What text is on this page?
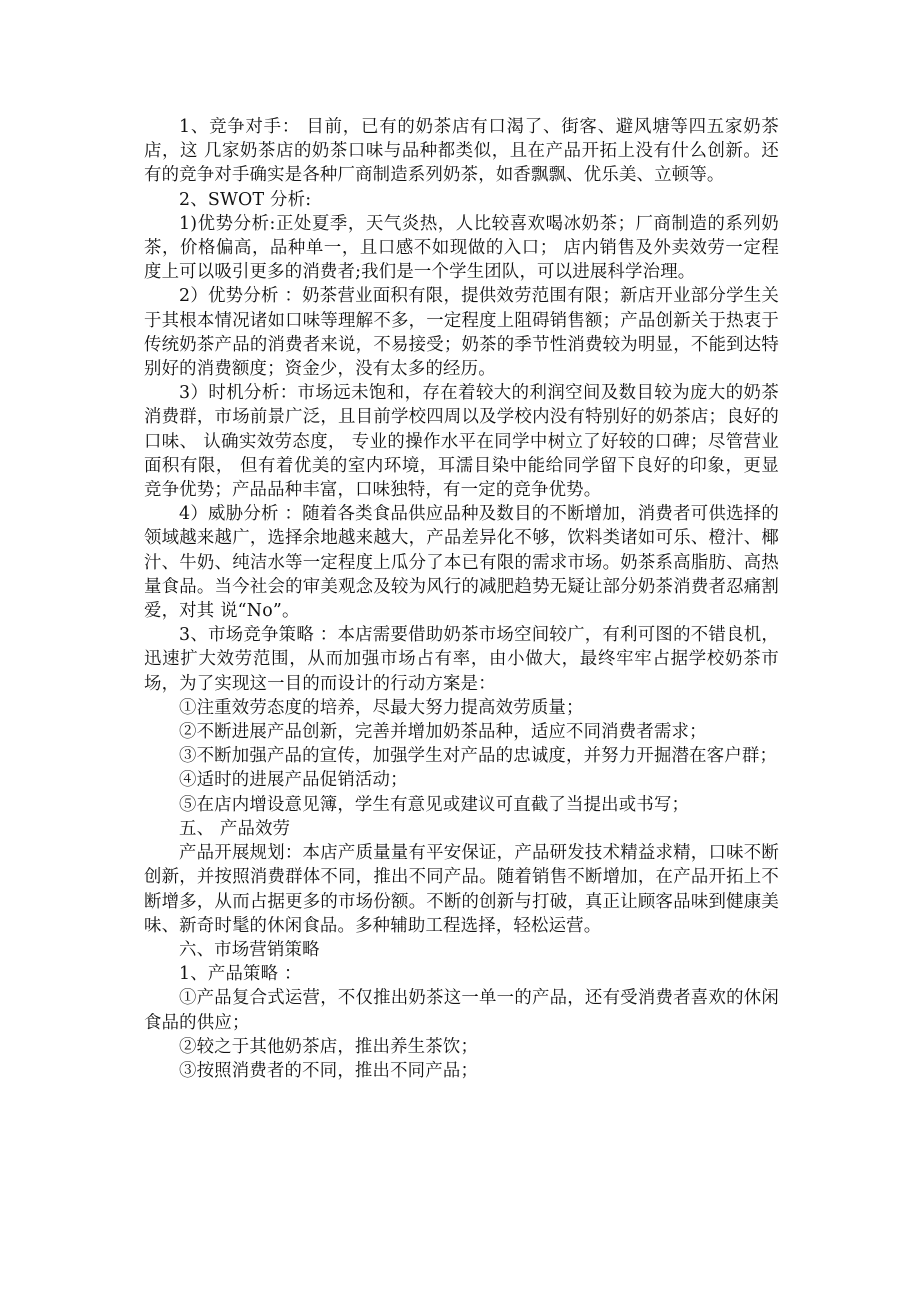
1、竞争对手： 目前，已有的奶茶店有口渴了、街客、避风塘等四五家奶茶店，这 几家奶茶店的奶茶口味与品种都类似，且在产品开拓上没有什么创新。还有的竞争对手确实是各种厂商制造系列奶茶，如香飘飘、优乐美、立顿等。

2、SWOT 分析:

1)优势分析:正处夏季，天气炎热，人比较喜欢喝冰奶茶；厂商制造的系列奶茶，价格偏高，品种单一，且口感不如现做的入口； 店内销售及外卖效劳一定程度上可以吸引更多的消费者;我们是一个学生团队，可以进展科学治理。

2）优势分析 ：奶茶营业面积有限，提供效劳范围有限；新店开业部分学生关于其根本情况诸如口味等理解不多，一定程度上阻碍销售额；产品创新关于热衷于传统奶茶产品的消费者来说，不易接受；奶茶的季节性消费较为明显，不能到达特别好的消费额度；资金少，没有太多的经历。

3）时机分析：市场远未饱和，存在着较大的利润空间及数目较为庞大的奶茶消费群，市场前景广泛，且目前学校四周以及学校内没有特别好的奶茶店；良好的口味、 认确实效劳态度， 专业的操作水平在同学中树立了好较的口碑；尽管营业面积有限， 但有着优美的室内环境，耳濡目染中能给同学留下良好的印象，更显竞争优势；产品品种丰富，口味独特，有一定的竞争优势。

4）威胁分析 ：随着各类食品供应品种及数目的不断增加，消费者可供选择的领域越来越广，选择余地越来越大，产品差异化不够，饮料类诸如可乐、橙汁、椰汁、牛奶、纯洁水等一定程度上瓜分了本已有限的需求市场。奶茶系高脂肪、高热量食品。当今社会的审美观念及较为风行的减肥趋势无疑让部分奶茶消费者忍痛割爱，对其 说“No”。

3、市场竞争策略 ：本店需要借助奶茶市场空间较广，有利可图的不错良机， 迅速扩大效劳范围，从而加强市场占有率，由小做大，最终牢牢占据学校奶茶市场，为了实现这一目的而设计的行动方案是：

①注重效劳态度的培养，尽最大努力提高效劳质量；

②不断进展产品创新，完善并增加奶茶品种，适应不同消费者需求；

③不断加强产品的宣传，加强学生对产品的忠诚度，并努力开掘潜在客户群；

④适时的进展产品促销活动；

⑤在店内增设意见簿，学生有意见或建议可直截了当提出或书写；

五、 产品效劳

产品开展规划：本店产质量量有平安保证，产品研发技术精益求精，口味不断创新，并按照消费群体不同，推出不同产品。随着销售不断增加，在产品开拓上不断增多，从而占据更多的市场份额。不断的创新与打破，真正让顾客品味到健康美味、新奇时髦的休闲食品。多种辅助工程选择，轻松运营。

六、市场营销策略

1、产品策略 ：

①产品复合式运营，不仅推出奶茶这一单一的产品，还有受消费者喜欢的休闲食品的供应；

②较之于其他奶茶店，推出养生茶饮；

③按照消费者的不同，推出不同产品；
